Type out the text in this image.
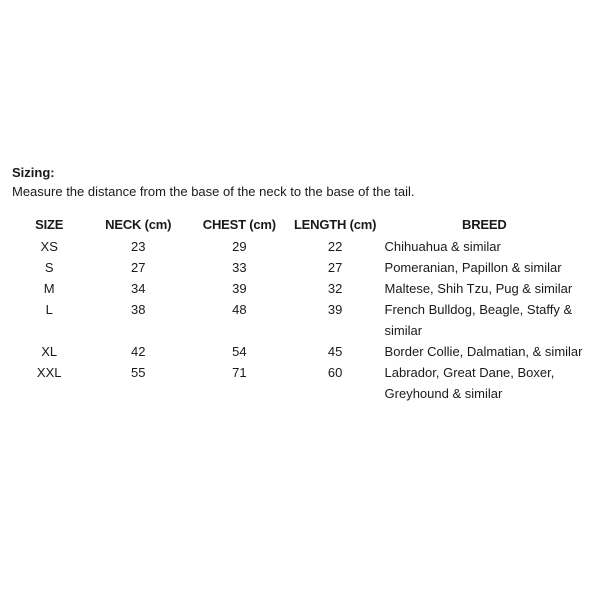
Sizing:

Measure the distance from the base of the neck to the base of the tail.

SIZE	NECK (cm)	CHEST (cm)	LENGTH (cm)	BREED
XS	23	29	22	Chihuahua & similar
S	27	33	27	Pomeranian, Papillon & similar
M	34	39	32	Maltese, Shih Tzu, Pug & similar
L	38	48	39	French Bulldog, Beagle, Staffy & similar
XL	42	54	45	Border Collie, Dalmatian, & similar
XXL	55	71	60	Labrador, Great Dane, Boxer, Greyhound & similar
